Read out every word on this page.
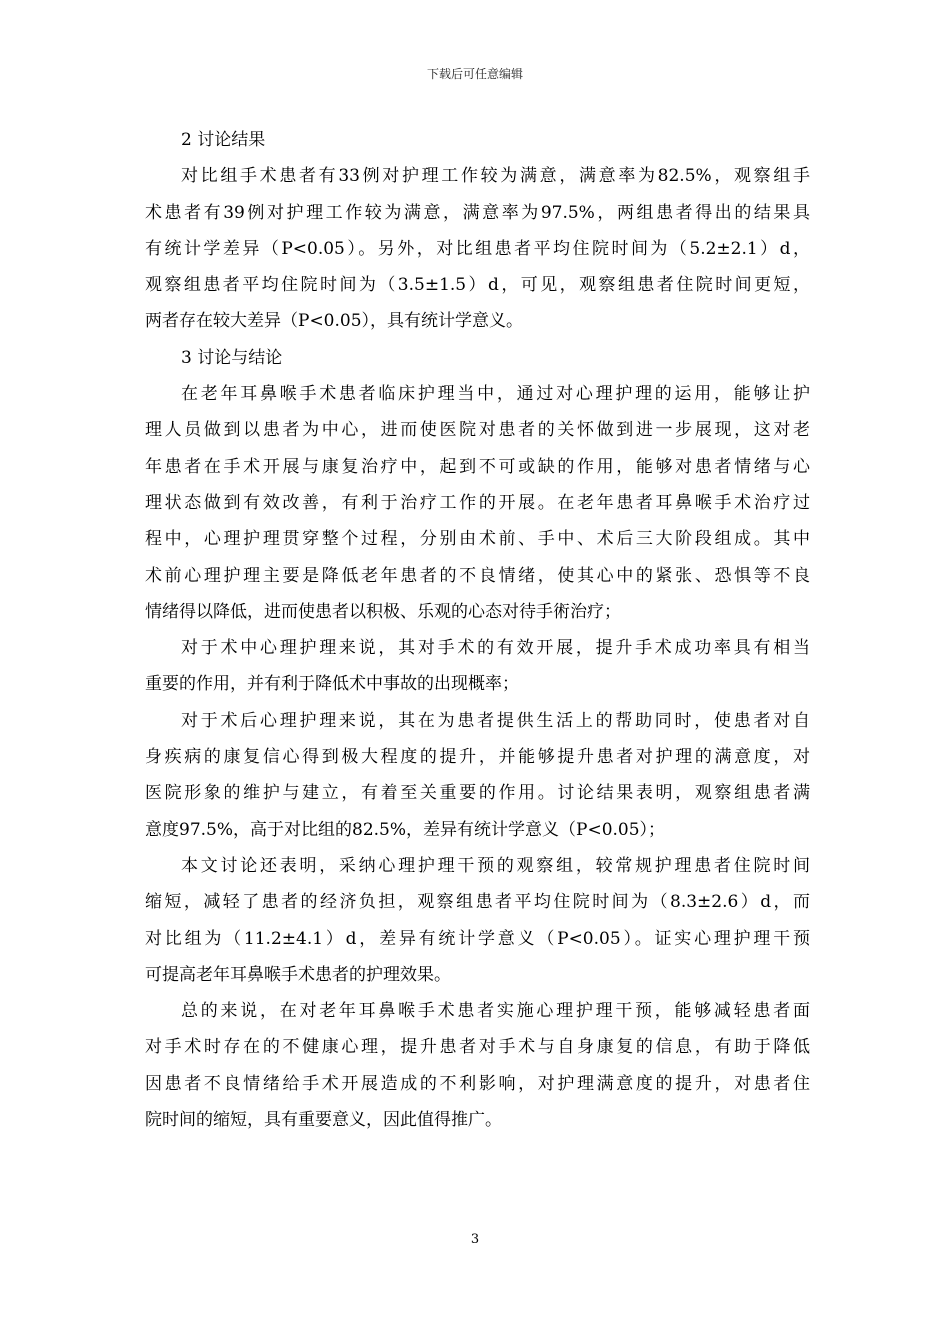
下载后可任意编辑
2 讨论结果
对比组手术患者有33例对护理工作较为满意，满意率为82.5%，观察组手
术患者有39例对护理工作较为满意，满意率为97.5%，两组患者得出的结果具
有统计学差异（P<0.05）。另外，对比组患者平均住院时间为（5.2±2.1）d，
观察组患者平均住院时间为（3.5±1.5）d，可见，观察组患者住院时间更短，
两者存在较大差异（P<0.05），具有统计学意义。
3 讨论与结论
在老年耳鼻喉手术患者临床护理当中，通过对心理护理的运用，能够让护
理人员做到以患者为中心，进而使医院对患者的关怀做到进一步展现，这对老
年患者在手术开展与康复治疗中，起到不可或缺的作用，能够对患者情绪与心
理状态做到有效改善，有利于治疗工作的开展。在老年患者耳鼻喉手术治疗过
程中，心理护理贯穿整个过程，分别由术前、手中、术后三大阶段组成。其中
术前心理护理主要是降低老年患者的不良情绪，使其心中的紧张、恐惧等不良
情绪得以降低，进而使患者以积极、乐观的心态对待手術治疗；
对于术中心理护理来说，其对手术的有效开展，提升手术成功率具有相当
重要的作用，并有利于降低术中事故的出现概率；
对于术后心理护理来说，其在为患者提供生活上的帮助同时，使患者对自
身疾病的康复信心得到极大程度的提升，并能够提升患者对护理的满意度，对
医院形象的维护与建立，有着至关重要的作用。讨论结果表明，观察组患者满
意度97.5%，高于对比组的82.5%，差异有统计学意义（P<0.05）；
本文讨论还表明，采纳心理护理干预的观察组，较常规护理患者住院时间
缩短，减轻了患者的经济负担，观察组患者平均住院时间为（8.3±2.6）d，而
对比组为（11.2±4.1）d，差异有统计学意义（P<0.05）。证实心理护理干预
可提高老年耳鼻喉手术患者的护理效果。
总的来说，在对老年耳鼻喉手术患者实施心理护理干预，能够减轻患者面
对手术时存在的不健康心理，提升患者对手术与自身康复的信息，有助于降低
因患者不良情绪给手术开展造成的不利影响，对护理满意度的提升，对患者住
院时间的缩短，具有重要意义，因此值得推广。
3
